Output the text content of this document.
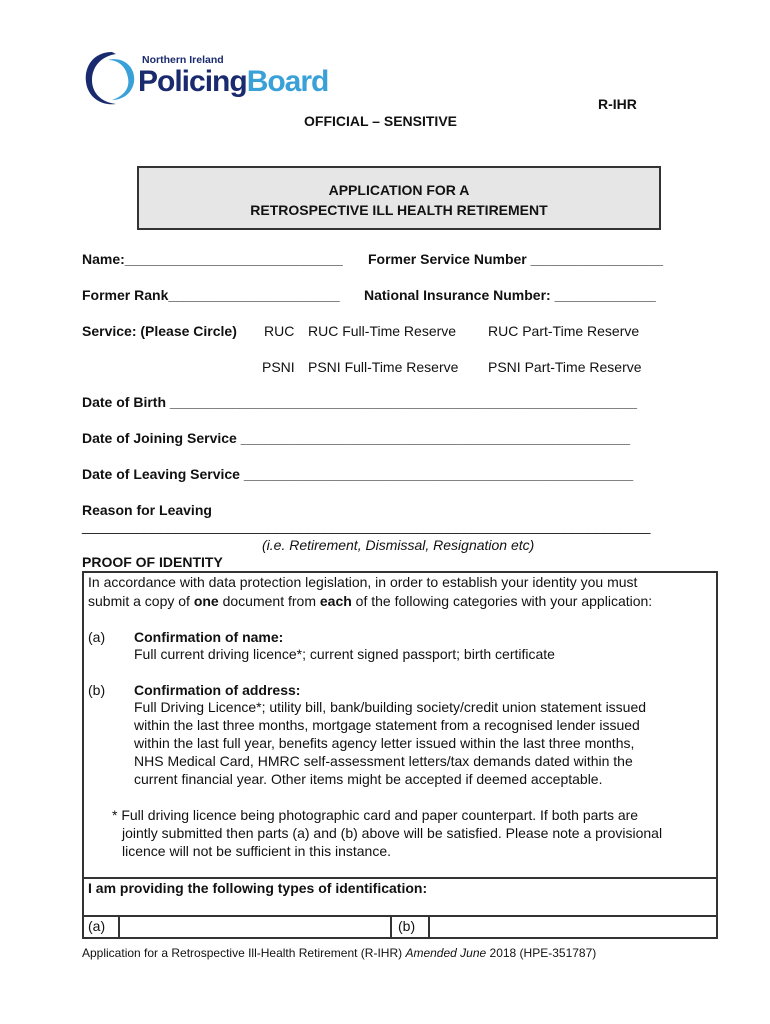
Northern Ireland
PolicingBoard
R-IHR
OFFICIAL – SENSITIVE
APPLICATION FOR A
RETROSPECTIVE ILL HEALTH RETIREMENT
Name:____________________________ Former Service Number _________________
Former Rank______________________ National Insurance Number: _____________
Service: (Please Circle) RUC RUC Full-Time Reserve RUC Part-Time Reserve
PSNI PSNI Full-Time Reserve PSNI Part-Time Reserve
Date of Birth ____________________________________________________________
Date of Joining Service __________________________________________________
Date of Leaving Service __________________________________________________
Reason for Leaving
_________________________________________________________________________
(i.e. Retirement, Dismissal, Resignation etc)
PROOF OF IDENTITY
In accordance with data protection legislation, in order to establish your identity you must
submit a copy of one document from each of the following categories with your application:
(a) Confirmation of name:
Full current driving licence*; current signed passport; birth certificate
(b) Confirmation of address:
Full Driving Licence*; utility bill, bank/building society/credit union statement issued
within the last three months, mortgage statement from a recognised lender issued
within the last full year, benefits agency letter issued within the last three months,
NHS Medical Card, HMRC self-assessment letters/tax demands dated within the
current financial year. Other items might be accepted if deemed acceptable.
* Full driving licence being photographic card and paper counterpart. If both parts are
jointly submitted then parts (a) and (b) above will be satisfied. Please note a provisional
licence will not be sufficient in this instance.
I am providing the following types of identification:
(a)	(b)
Application for a Retrospective Ill-Health Retirement (R-IHR) Amended June 2018 (HPE-351787)
